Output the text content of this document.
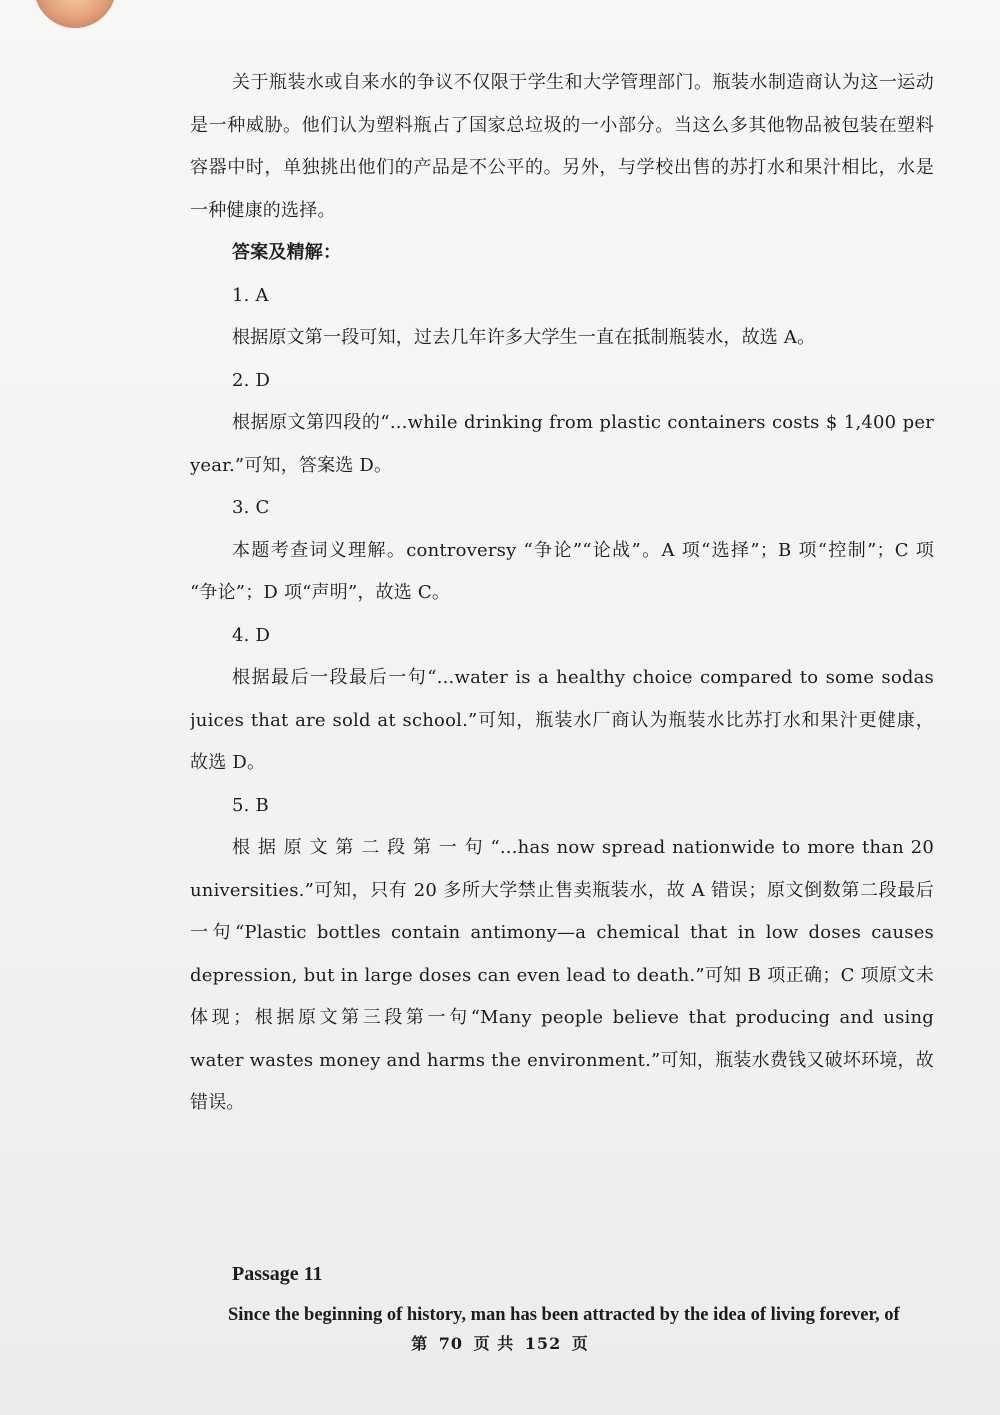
关于瓶装水或自来水的争议不仅限于学生和大学管理部门。瓶装水制造商认为这一运动
是一种威胁。他们认为塑料瓶占了国家总垃圾的一小部分。当这么多其他物品被包装在塑料
容器中时，单独挑出他们的产品是不公平的。另外，与学校出售的苏打水和果汁相比，水是
一种健康的选择。
答案及精解：
1. A
根据原文第一段可知，过去几年许多大学生一直在抵制瓶装水，故选 A。
2. D
根据原文第四段的“...while drinking from plastic containers costs $ 1,400 per
year.”可知，答案选 D。
3. C
本题考查词义理解。controversy “争论”“论战”。A 项“选择”；B 项“控制”；C 项
“争论”；D 项“声明”，故选 C。
4. D
根据最后一段最后一句“...water is a healthy choice compared to some sodas
juices that are sold at school.”可知，瓶装水厂商认为瓶装水比苏打水和果汁更健康，
故选 D。
5. B
根 据 原 文 第 二 段 第 一 句 “...has now spread nationwide to more than 20
universities.”可知，只有 20 多所大学禁止售卖瓶装水，故 A 错误；原文倒数第二段最后
一句“Plastic bottles contain antimony—a chemical that in low doses causes
depression, but in large doses can even lead to death.”可知 B 项正确；C 项原文未
体现；根据原文第三段第一句“Many people believe that producing and using
water wastes money and harms the environment.”可知，瓶装水费钱又破坏环境，故
错误。
Passage 11
Since the beginning of history, man has been attracted by the idea of living forever, of
第 70 页 共 152 页
